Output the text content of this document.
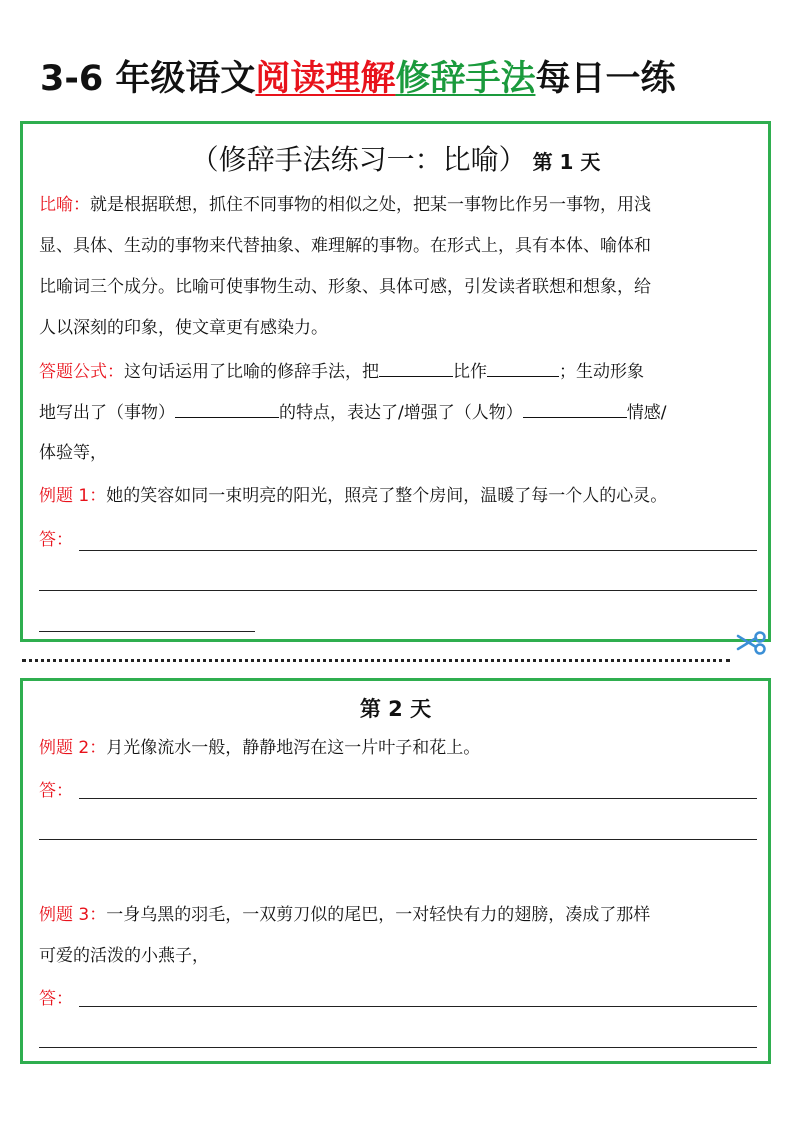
3-6 年级语文阅读理解修辞手法每日一练
（修辞手法练习一：比喻） 第 1 天
比喻：就是根据联想，抓住不同事物的相似之处，把某一事物比作另一事物，用浅
显、具体、生动的事物来代替抽象、难理解的事物。在形式上，具有本体、喻体和
比喻词三个成分。比喻可使事物生动、形象、具体可感，引发读者联想和想象，给
人以深刻的印象，使文章更有感染力。
答题公式：这句话运用了比喻的修辞手法，把	比作	；生动形象
地写出了（事物）	的特点，表达了/增强了（人物）	情感/
体验等，
例题 1：她的笑容如同一束明亮的阳光，照亮了整个房间，温暖了每一个人的心灵。
答：
第 2 天
例题 2：月光像流水一般，静静地泻在这一片叶子和花上。
答：
例题 3：一身乌黑的羽毛，一双剪刀似的尾巴，一对轻快有力的翅膀，凑成了那样
可爱的活泼的小燕子，
答：
